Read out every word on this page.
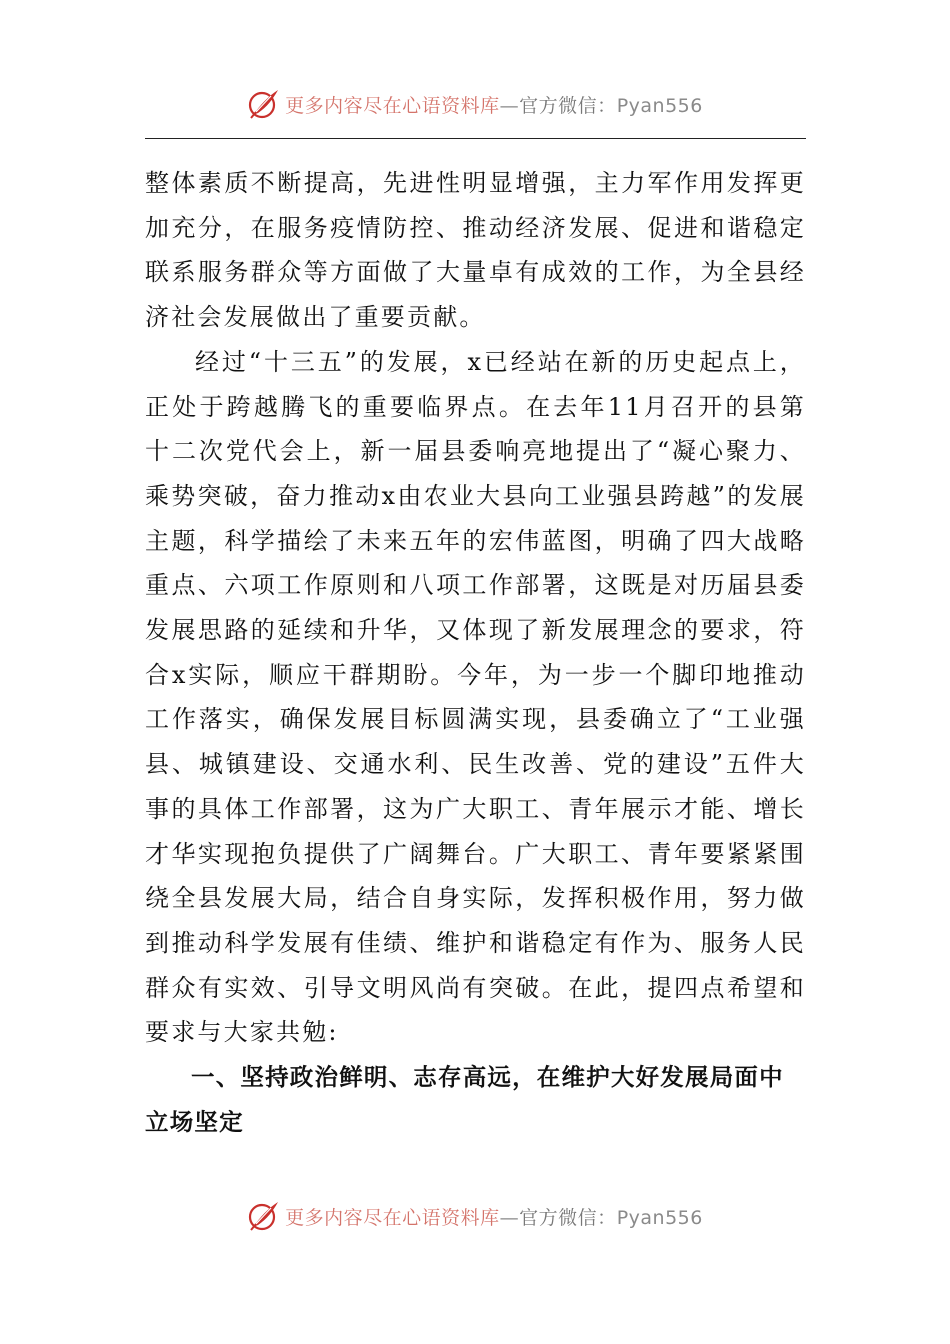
更多内容尽在心语资料库—官方微信：Pyan556

整体素质不断提高，先进性明显增强，主力军作用发挥更加充分，在服务疫情防控、推动经济发展、促进和谐稳定联系服务群众等方面做了大量卓有成效的工作，为全县经济社会发展做出了重要贡献。

经过“十三五”的发展，x已经站在新的历史起点上，正处于跨越腾飞的重要临界点。在去年11月召开的县第十二次党代会上，新一届县委响亮地提出了“凝心聚力、乘势突破，奋力推动x由农业大县向工业强县跨越”的发展主题，科学描绘了未来五年的宏伟蓝图，明确了四大战略重点、六项工作原则和八项工作部署，这既是对历届县委发展思路的延续和升华，又体现了新发展理念的要求，符合x实际，顺应干群期盼。今年，为一步一个脚印地推动工作落实，确保发展目标圆满实现，县委确立了“工业强县、城镇建设、交通水利、民生改善、党的建设”五件大事的具体工作部署，这为广大职工、青年展示才能、增长才华实现抱负提供了广阔舞台。广大职工、青年要紧紧围绕全县发展大局，结合自身实际，发挥积极作用，努力做到推动科学发展有佳绩、维护和谐稳定有作为、服务人民群众有实效、引导文明风尚有突破。在此，提四点希望和要求与大家共勉:

一、坚持政治鲜明、志存高远，在维护大好发展局面中立场坚定

更多内容尽在心语资料库—官方微信：Pyan556
